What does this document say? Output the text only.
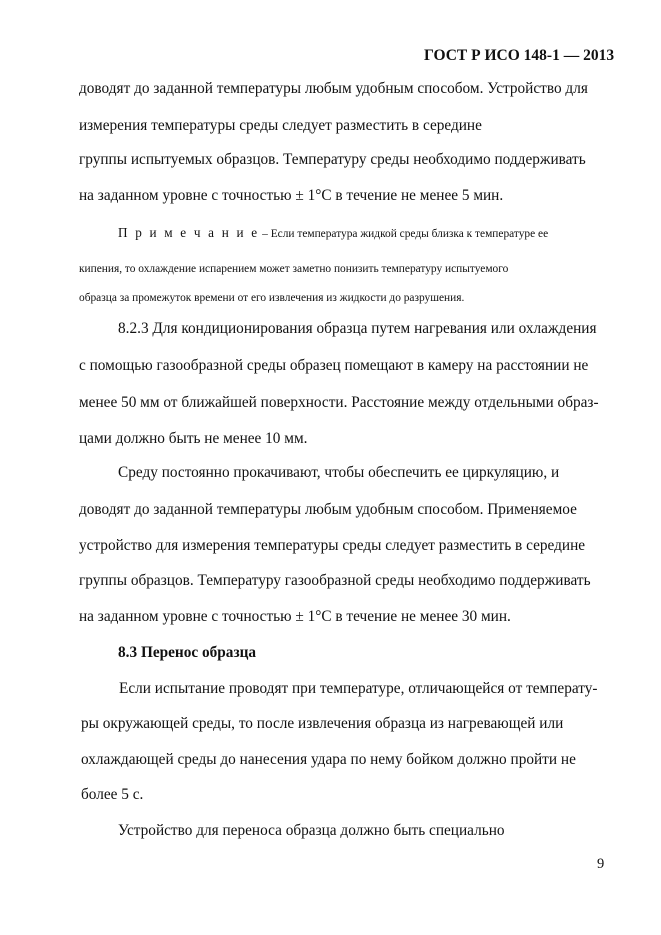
ГОСТ Р ИСО 148-1 — 2013
доводят до заданной температуры любым удобным способом. Устройство для
измерения температуры среды следует разместить в середине
группы испытуемых образцов. Температуру среды необходимо поддерживать
на заданном уровне с точностью ± 1°С в течение не менее 5 мин.
П р и м е ч а н и е – Если температура жидкой среды близка к температуре ее
кипения, то охлаждение испарением может заметно понизить температуру испытуемого
образца за промежуток времени от его извлечения из жидкости до разрушения.
8.2.3 Для кондиционирования образца путем нагревания или охлаждения
с помощью газообразной среды образец помещают в камеру на расстоянии не
менее 50 мм от ближайшей поверхности. Расстояние между отдельными образ-
цами должно быть не менее 10 мм.
Среду постоянно прокачивают, чтобы обеспечить ее циркуляцию, и
доводят до заданной температуры любым удобным способом. Применяемое
устройство для измерения температуры среды следует разместить в середине
группы образцов. Температуру газообразной среды необходимо поддерживать
на заданном уровне с точностью ± 1°С в течение не менее 30 мин.
8.3 Перенос образца
Если испытание проводят при температуре, отличающейся от температу-
ры окружающей среды, то после извлечения образца из нагревающей или
охлаждающей среды до нанесения удара по нему бойком должно пройти не
более 5 с.
Устройство для переноса образца должно быть специально
9
